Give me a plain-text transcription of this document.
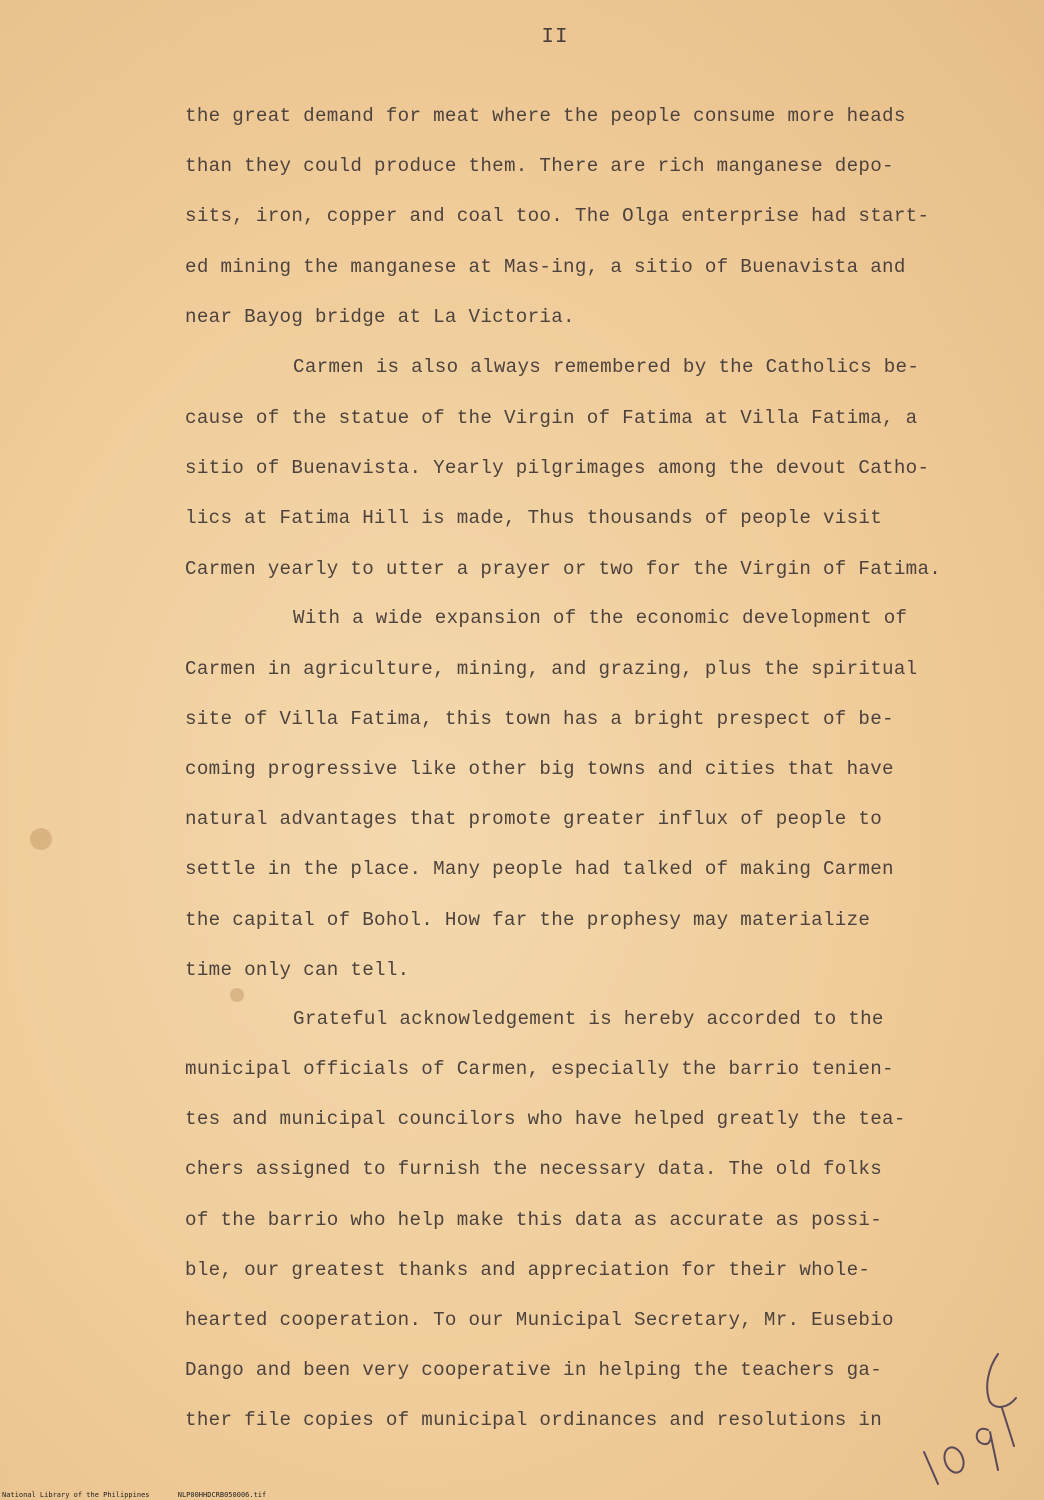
II
the great demand for meat where the people consume more heads
than they could produce them. There are rich manganese depo-
sits, iron, copper and coal too. The Olga enterprise had start-
ed mining the manganese at Mas-ing, a sitio of Buenavista and
near Bayog bridge at La Victoria.
Carmen is also always remembered by the Catholics be-
cause of the statue of the Virgin of Fatima at Villa Fatima, a
sitio of Buenavista. Yearly pilgrimages among the devout Catho-
lics at Fatima Hill is made, Thus thousands of people visit
Carmen yearly to utter a prayer or two for the Virgin of Fatima.
With a wide expansion of the economic development of
Carmen in agriculture, mining, and grazing, plus the spiritual
site of Villa Fatima, this town has a bright prespect of be-
coming progressive like other big towns and cities that have
natural advantages that promote greater influx of people to
settle in the place. Many people had talked of making Carmen
the capital of Bohol. How far the prophesy may materialize
time only can tell.
Grateful acknowledgement is hereby accorded to the
municipal officials of Carmen, especially the barrio tenien-
tes and municipal councilors who have helped greatly the tea-
chers assigned to furnish the necessary data. The old folks
of the barrio who help make this data as accurate as possi-
ble, our greatest thanks and appreciation for their whole-
hearted cooperation. To our Municipal Secretary, Mr. Eusebio
Dango and been very cooperative in helping the teachers ga-
ther file copies of municipal ordinances and resolutions in
National Library of the Philippines	NLP00HHDCRB050006.tif
